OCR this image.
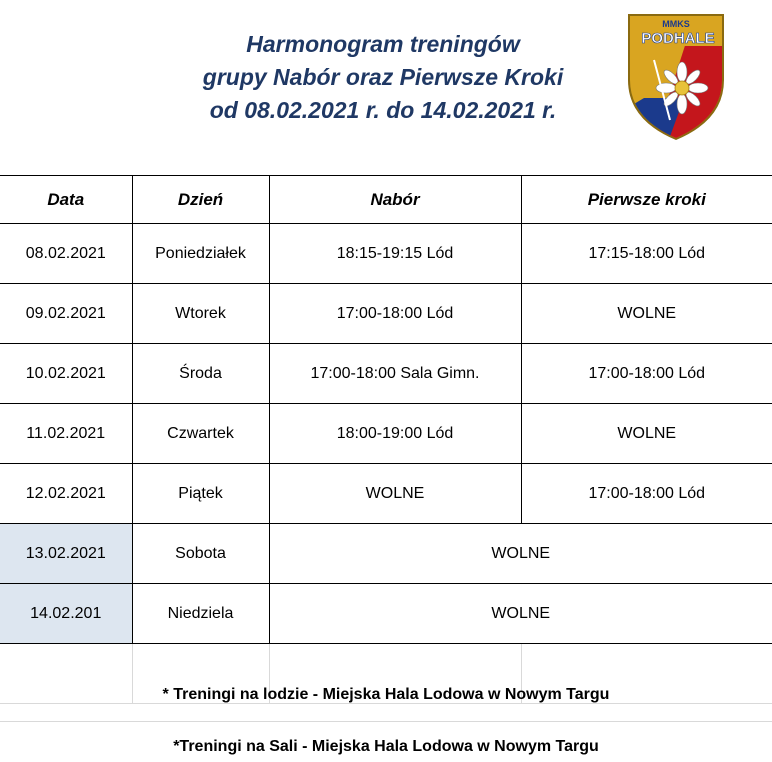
Harmonogram treningów
grupy Nabór oraz Pierwsze Kroki
od 08.02.2021 r. do 14.02.2021 r.
MMKS
PODHALE
Data	Dzień	Nabór	Pierwsze kroki
08.02.2021	Poniedziałek	18:15-19:15 Lód	17:15-18:00 Lód
09.02.2021	Wtorek	17:00-18:00 Lód	WOLNE
10.02.2021	Środa	17:00-18:00 Sala Gimn.	17:00-18:00 Lód
11.02.2021	Czwartek	18:00-19:00 Lód	WOLNE
12.02.2021	Piątek	WOLNE	17:00-18:00 Lód
13.02.2021	Sobota	WOLNE	
14.02.201	Niedziela	WOLNE	

* Treningi na lodzie - Miejska Hala Lodowa w Nowym Targu
*Treningi na Sali - Miejska Hala Lodowa w Nowym Targu
